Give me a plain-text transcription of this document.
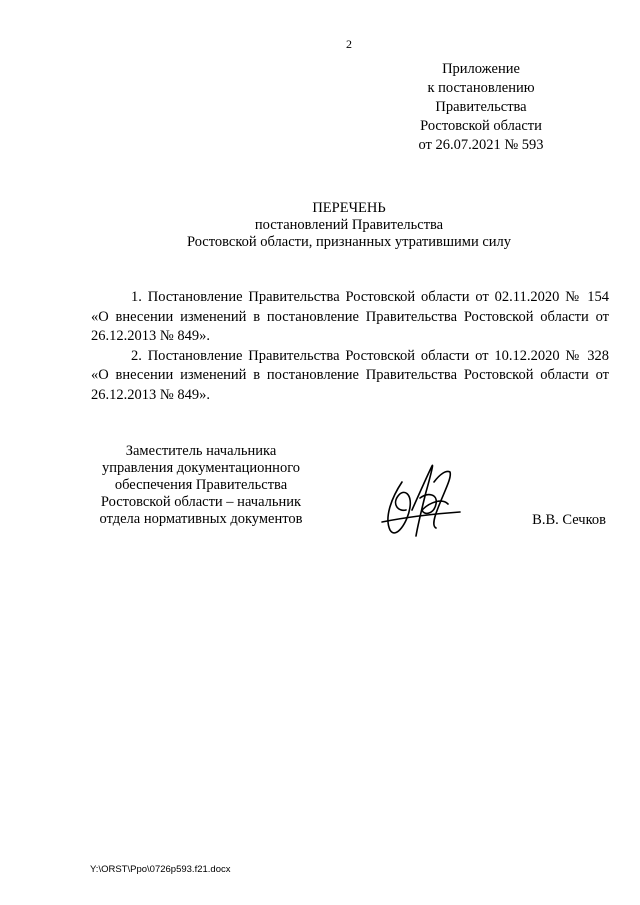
2
Приложение
к постановлению
Правительства
Ростовской области
от 26.07.2021 № 593
ПЕРЕЧЕНЬ
постановлений Правительства
Ростовской области, признанных утратившими силу

1. Постановление Правительства Ростовской области от 02.11.2020 № 154 «О внесении изменений в постановление Правительства Ростовской области от 26.12.2013 № 849».

2. Постановление Правительства Ростовской области от 10.12.2020 № 328 «О внесении изменений в постановление Правительства Ростовской области от 26.12.2013 № 849».

Заместитель начальника
управления документационного
обеспечения Правительства
Ростовской области – начальник
отдела нормативных документов	В.В. Сечков
Y:\ORST\Ppo\0726p593.f21.docx
